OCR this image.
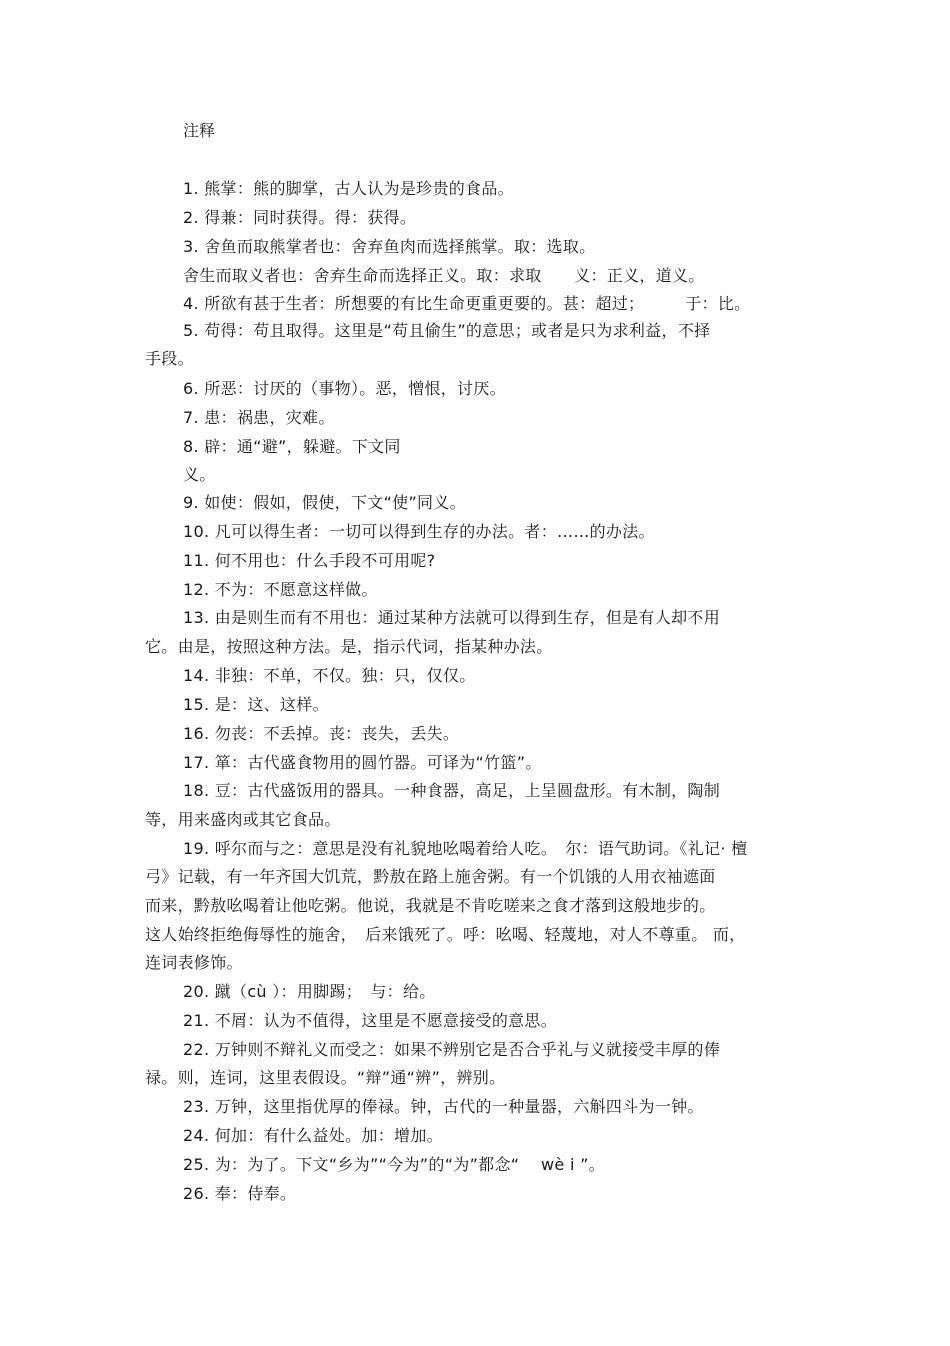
注释
1. 熊掌：熊的脚掌，古人认为是珍贵的食品。
2. 得兼：同时获得。得：获得。
3. 舍鱼而取熊掌者也：舍弃鱼肉而选择熊掌。取：选取。
舍生而取义者也：舍弃生命而选择正义。取：求取　　义：正义，道义。
4. 所欲有甚于生者：所想要的有比生命更重更要的。甚：超过；　　　于：比。
5. 苟得：苟且取得。这里是“苟且偷生”的意思；或者是只为求利益，不择
手段。
6. 所恶：讨厌的（事物）。恶，憎恨，讨厌。
7. 患：祸患，灾难。
8. 辟：通“避”，躲避。下文同
义。
9. 如使：假如，假使，下文“使”同义。
10. 凡可以得生者：一切可以得到生存的办法。者：……的办法。
11. 何不用也：什么手段不可用呢?
12. 不为：不愿意这样做。
13. 由是则生而有不用也：通过某种方法就可以得到生存，但是有人却不用
它。由是，按照这种方法。是，指示代词，指某种办法。
14. 非独：不单，不仅。独：只，仅仅。
15. 是：这、这样。
16. 勿丧：不丢掉。丧：丧失，丢失。
17. 箪：古代盛食物用的圆竹器。可译为“竹篮”。
18. 豆：古代盛饭用的器具。一种食器，高足，上呈圆盘形。有木制，陶制
等，用来盛肉或其它食品。
19. 呼尔而与之：意思是没有礼貌地吆喝着给人吃。　尔：语气助词。《礼记· 檀
弓》记载，有一年齐国大饥荒，黔敖在路上施舍粥。有一个饥饿的人用衣袖遮面
而来，黔敖吆喝着让他吃粥。他说，我就是不肯吃嗟来之食才落到这般地步的。
这人始终拒绝侮辱性的施舍，　后来饿死了。呼：吆喝、轻蔑地，对人不尊重。 而，
连词表修饰。
20. 蹴（cù ）：用脚踢；　与：给。
21. 不屑：认为不值得，这里是不愿意接受的意思。
22. 万钟则不辩礼义而受之：如果不辨别它是否合乎礼与义就接受丰厚的俸
禄。则，连词，这里表假设。“辩”通“辨”，辨别。
23. 万钟，这里指优厚的俸禄。钟，古代的一种量器，六斛四斗为一钟。
24. 何加：有什么益处。加：增加。
25. 为：为了。下文“乡为”“今为”的“为”都念“　 wè i ”。
26. 奉：侍奉。
